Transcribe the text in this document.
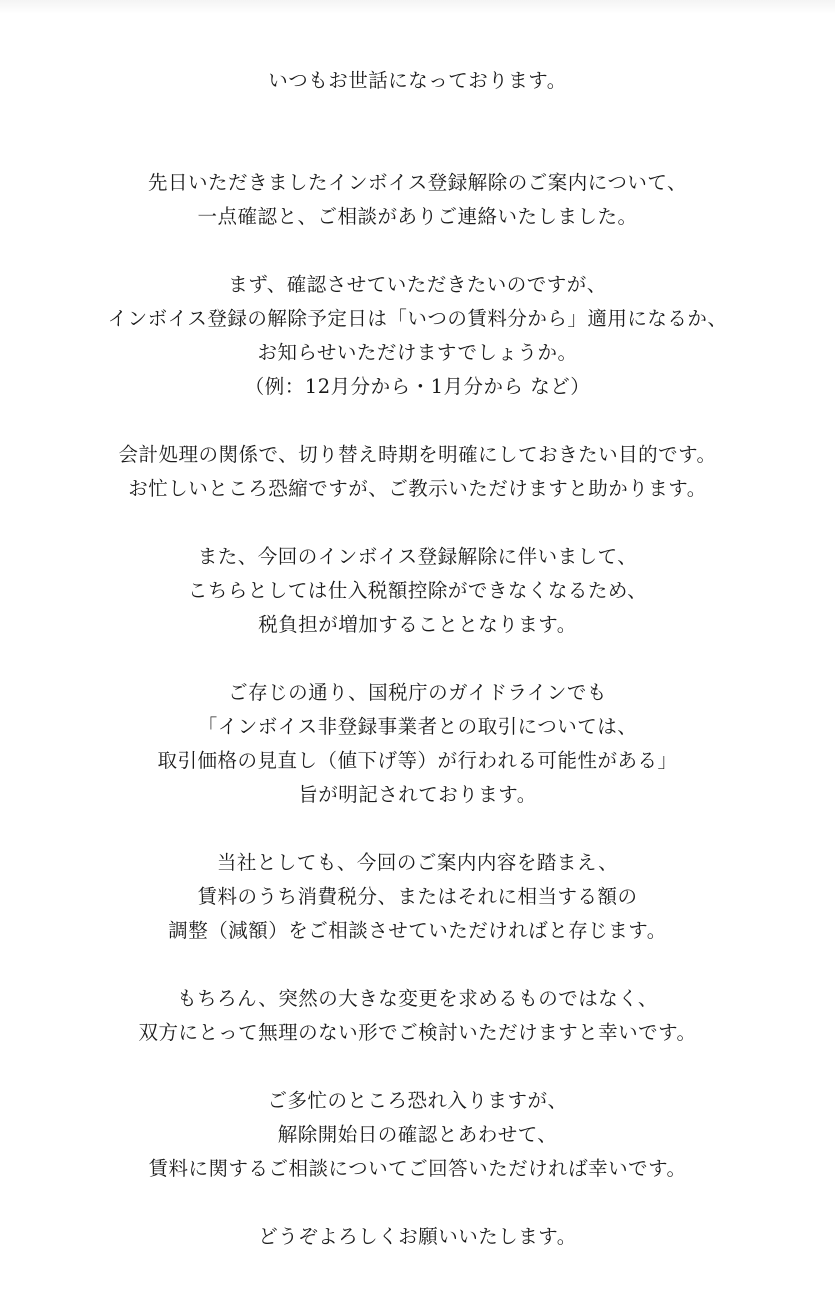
いつもお世話になっております。
先日いただきましたインボイス登録解除のご案内について、
一点確認と、ご相談がありご連絡いたしました。
まず、確認させていただきたいのですが、
インボイス登録の解除予定日は「いつの賃料分から」適用になるか、
お知らせいただけますでしょうか。
（例：12月分から・1月分から など）
会計処理の関係で、切り替え時期を明確にしておきたい目的です。
お忙しいところ恐縮ですが、ご教示いただけますと助かります。
また、今回のインボイス登録解除に伴いまして、
こちらとしては仕入税額控除ができなくなるため、
税負担が増加することとなります。
ご存じの通り、国税庁のガイドラインでも
「インボイス非登録事業者との取引については、
取引価格の見直し（値下げ等）が行われる可能性がある」
旨が明記されております。
当社としても、今回のご案内内容を踏まえ、
賃料のうち消費税分、またはそれに相当する額の
調整（減額）をご相談させていただければと存じます。
もちろん、突然の大きな変更を求めるものではなく、
双方にとって無理のない形でご検討いただけますと幸いです。
ご多忙のところ恐れ入りますが、
解除開始日の確認とあわせて、
賃料に関するご相談についてご回答いただければ幸いです。
どうぞよろしくお願いいたします。
